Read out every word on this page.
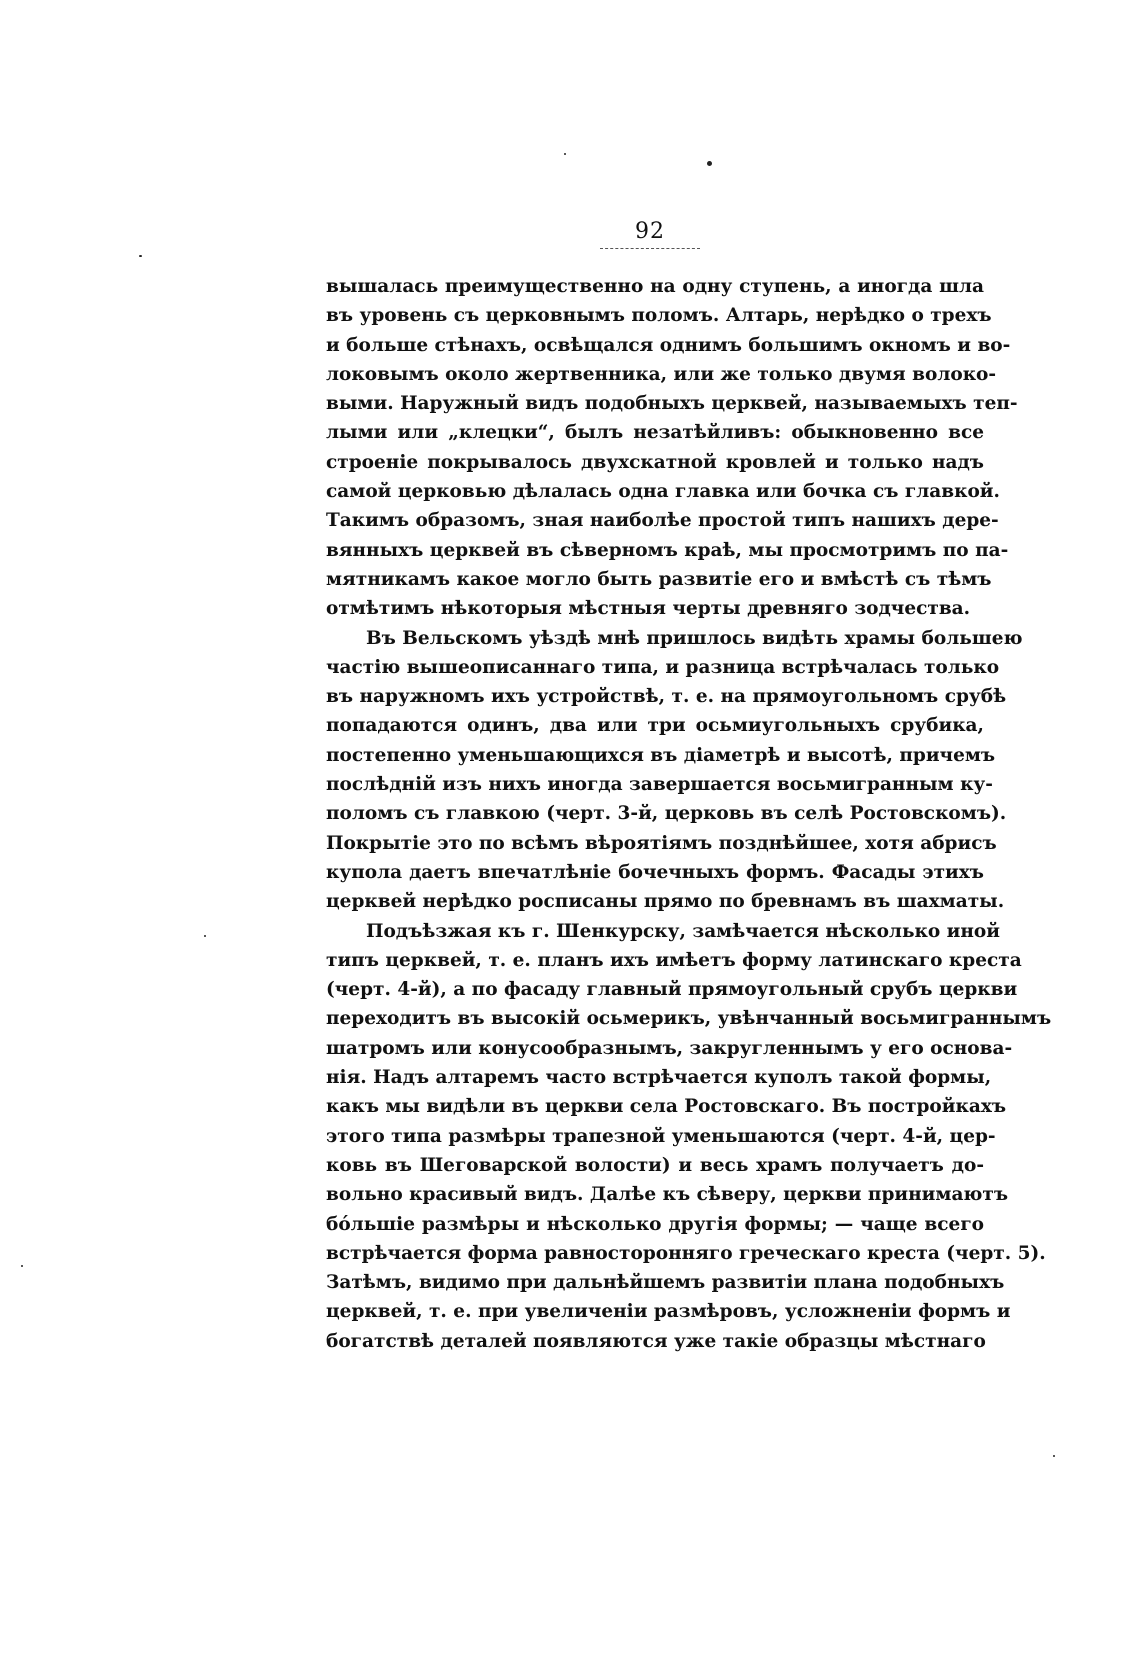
92
вышалась преимущественно на одну ступень, а иногда шла
въ уровень съ церковнымъ поломъ. Алтарь, нерѣдко о трехъ
и больше стѣнахъ, освѣщался однимъ большимъ окномъ и во-
локовымъ около жертвенника, или же только двумя волоко-
выми. Наружный видъ подобныхъ церквей, называемыхъ теп-
лыми или „клецки“, былъ незатѣйливъ: обыкновенно все
строеніе покрывалось двухскатной кровлей и только надъ
самой церковью дѣлалась одна главка или бочка съ главкой.
Такимъ образомъ, зная наиболѣе простой типъ нашихъ дере-
вянныхъ церквей въ сѣверномъ краѣ, мы просмотримъ по па-
мятникамъ какое могло быть развитіе его и вмѣстѣ съ тѣмъ
отмѣтимъ нѣкоторыя мѣстныя черты древняго зодчества.
Въ Вельскомъ уѣздѣ мнѣ пришлось видѣть храмы большею
частію вышеописаннаго типа, и разница встрѣчалась только
въ наружномъ ихъ устройствѣ, т. е. на прямоугольномъ срубѣ
попадаются одинъ, два или три осьмиугольныхъ срубика,
постепенно уменьшающихся въ діаметрѣ и высотѣ, причемъ
послѣдній изъ нихъ иногда завершается восьмигранным ку-
поломъ съ главкою (черт. 3-й, церковь въ селѣ Ростовскомъ).
Покрытіе это по всѣмъ вѣроятіямъ позднѣйшее, хотя абрисъ
купола даетъ впечатлѣніе бочечныхъ формъ. Фасады этихъ
церквей нерѣдко росписаны прямо по бревнамъ въ шахматы.
Подъѣзжая къ г. Шенкурску, замѣчается нѣсколько иной
типъ церквей, т. е. планъ ихъ имѣетъ форму латинскаго креста
(черт. 4-й), а по фасаду главный прямоугольный срубъ церкви
переходитъ въ высокій осьмерикъ, увѣнчанный восьмиграннымъ
шатромъ или конусообразнымъ, закругленнымъ у его основа-
нія. Надъ алтаремъ часто встрѣчается куполъ такой формы,
какъ мы видѣли въ церкви села Ростовскаго. Въ постройкахъ
этого типа размѣры трапезной уменьшаются (черт. 4-й, цер-
ковь въ Шеговарской волости) и весь храмъ получаетъ до-
вольно красивый видъ. Далѣе къ сѣверу, церкви принимаютъ
бо́льшіе размѣры и нѣсколько другія формы; — чаще всего
встрѣчается форма равносторонняго греческаго креста (черт. 5).
Затѣмъ, видимо при дальнѣйшемъ развитіи плана подобныхъ
церквей, т. е. при увеличеніи размѣровъ, усложненіи формъ и
богатствѣ деталей появляются уже такіе образцы мѣстнаго
